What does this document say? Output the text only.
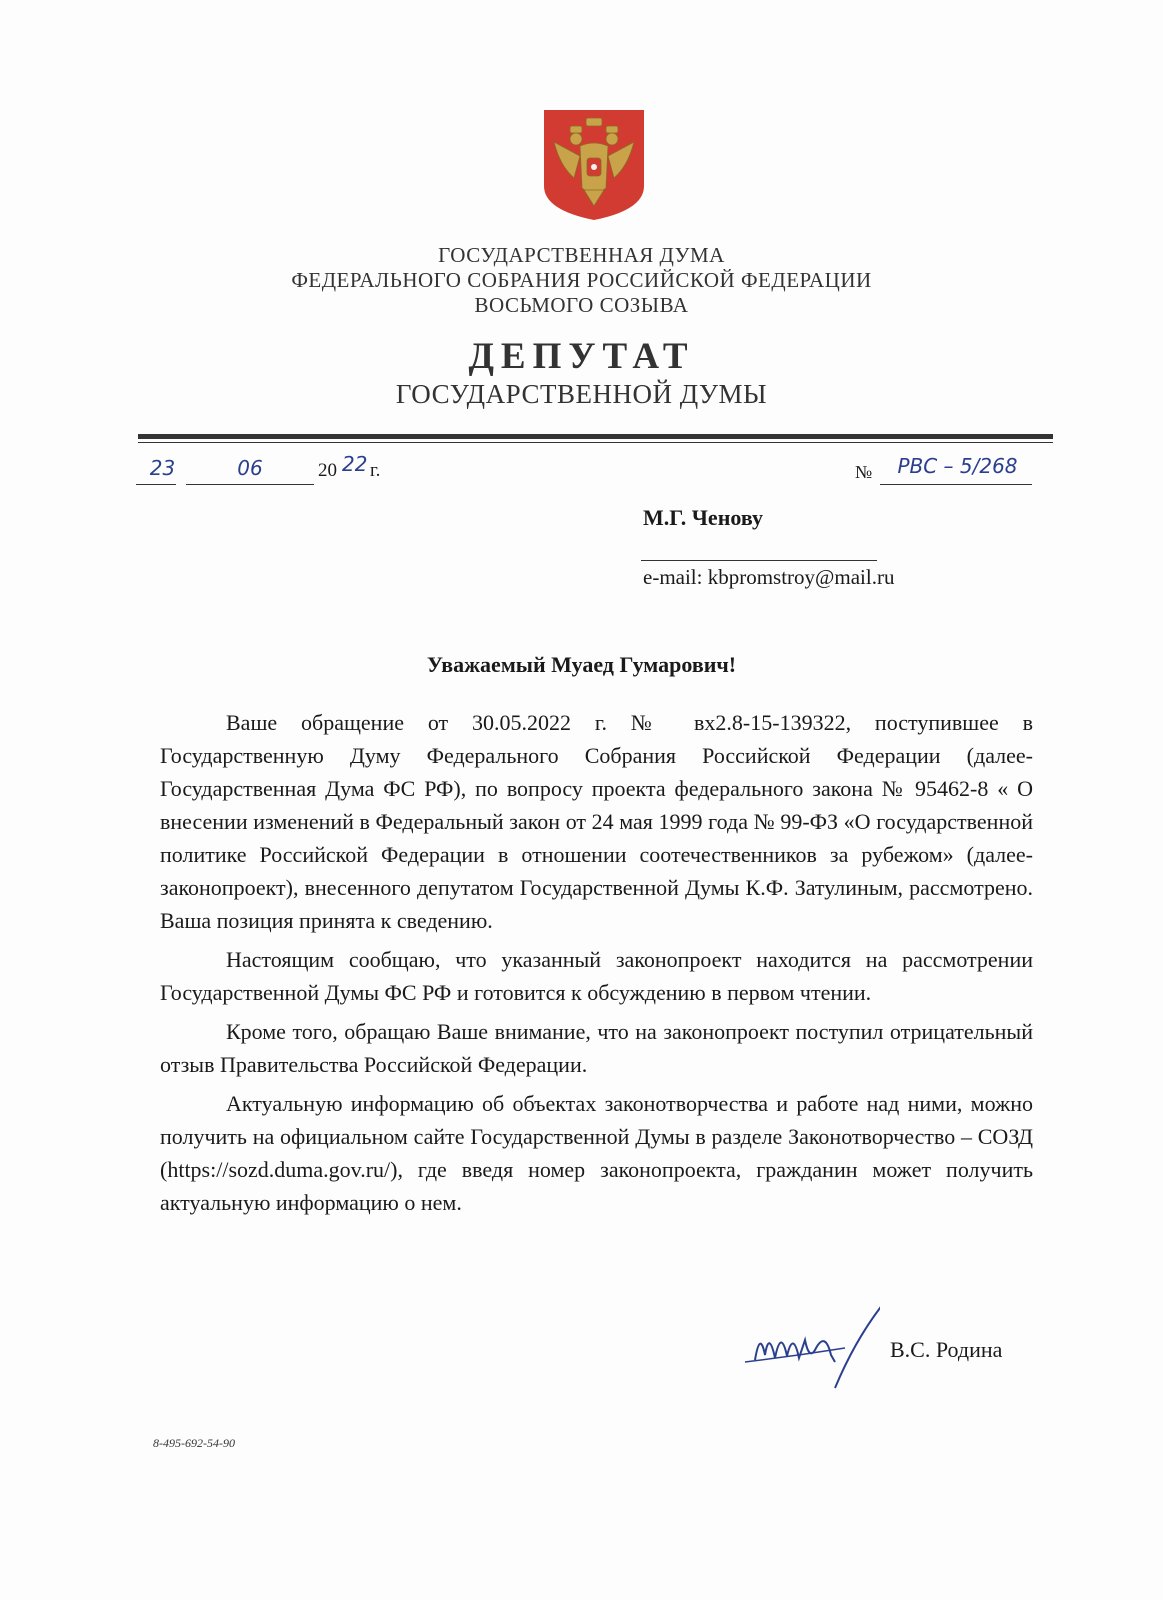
ГОСУДАРСТВЕННАЯ ДУМА
ФЕДЕРАЛЬНОГО СОБРАНИЯ РОССИЙСКОЙ ФЕДЕРАЦИИ
ВОСЬМОГО СОЗЫВА
ДЕПУТАТ
ГОСУДАРСТВЕННОЙ ДУМЫ
23	06	20 22 г.	№	РВС – 5/268
М.Г. Ченову
e-mail: kbpromstroy@mail.ru
Уважаемый Муаед Гумарович!

Ваше обращение от 30.05.2022 г. № вх2.8-15-139322, поступившее в Государственную Думу Федерального Собрания Российской Федерации (далее- Государственная Дума ФС РФ), по вопросу проекта федерального закона № 95462-8 « О внесении изменений в Федеральный закон от 24 мая 1999 года № 99-ФЗ «О государственной политике Российской Федерации в отношении соотечественников за рубежом» (далее- законопроект), внесенного депутатом Государственной Думы К.Ф. Затулиным, рассмотрено. Ваша позиция принята к сведению.

Настоящим сообщаю, что указанный законопроект находится на рассмотрении Государственной Думы ФС РФ и готовится к обсуждению в первом чтении.

Кроме того, обращаю Ваше внимание, что на законопроект поступил отрицательный отзыв Правительства Российской Федерации.

Актуальную информацию об объектах законотворчества и работе над ними, можно получить на официальном сайте Государственной Думы в разделе Законотворчество – СОЗД (https://sozd.duma.gov.ru/), где введя номер законопроекта, гражданин может получить актуальную информацию о нем.

В.С. Родина
8-495-692-54-90
